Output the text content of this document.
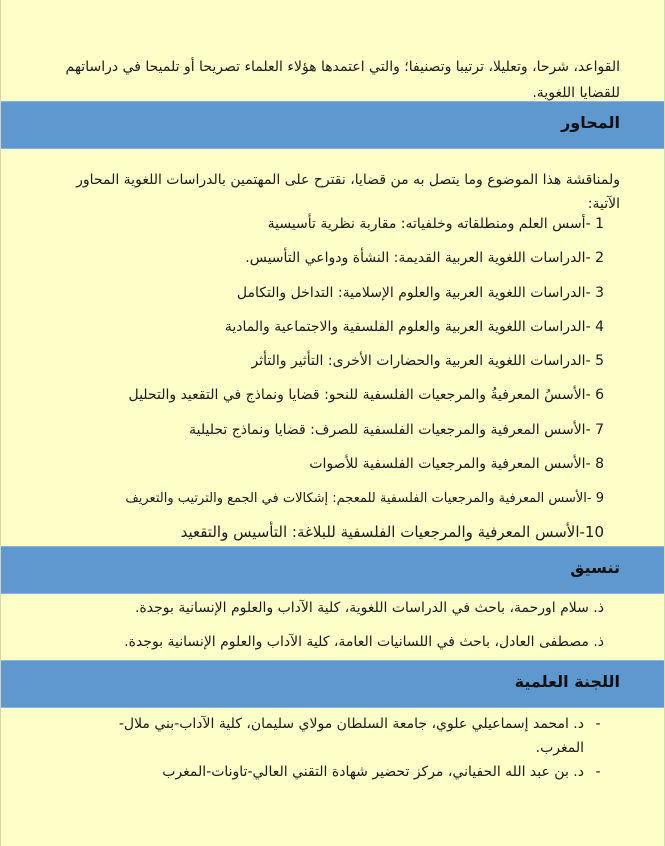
القواعد، شرحا، وتعليلا، ترتيبا وتصنيفا؛ والتي اعتمدها هؤلاء العلماء تصريحا أو تلميحا في دراساتهم للقضايا اللغوية.

المحاور

ولمناقشة هذا الموضوع وما يتصل به من قضايا، نقترح على المهتمين بالدراسات اللغوية المحاور الآتية:

1 -أسس العلم ومنطلقاته وخلفياته: مقاربة نظرية تأسيسية
2 -الدراسات اللغوية العربية القديمة: النشأة ودواعي التأسيس.
3 -الدراسات اللغوية العربية والعلوم الإسلامية: التداخل والتكامل
4 -الدراسات اللغوية العربية والعلوم الفلسفية والاجتماعية والمادية
5 -الدراسات اللغوية العربية والحضارات الأخرى: التأثير والتأثر
6 -الأسسُ المعرفيةُ والمرجعيات الفلسفية للنحو: قضايا ونماذج في التقعيد والتحليل
7 -الأسس المعرفية والمرجعيات الفلسفية للصرف: قضايا ونماذج تحليلية
8 -الأسس المعرفية والمرجعيات الفلسفية للأصوات
9 -الأسس المعرفية والمرجعيات الفلسفية للمعجم: إشكالات في الجمع والترتيب والتعريف
10-الأسس المعرفية والمرجعيات الفلسفية للبلاغة: التأسيس والتقعيد
تنسيق
ذ. سلام اورحمة، باحث في الدراسات اللغوية، كلية الآداب والعلوم الإنسانية بوجدة.
ذ. مصطفى العادل، باحث في اللسانيات العامة، كلية الآداب والعلوم الإنسانية بوجدة.
اللجنة العلمية
-
د. امحمد إسماعيلي علوي، جامعة السلطان مولاي سليمان، كلية الآداب-بني ملال-المغرب.
-
د. بن عبد الله الحفياني، مركز تحضير شهادة التقني العالي-تاونات-المغرب
